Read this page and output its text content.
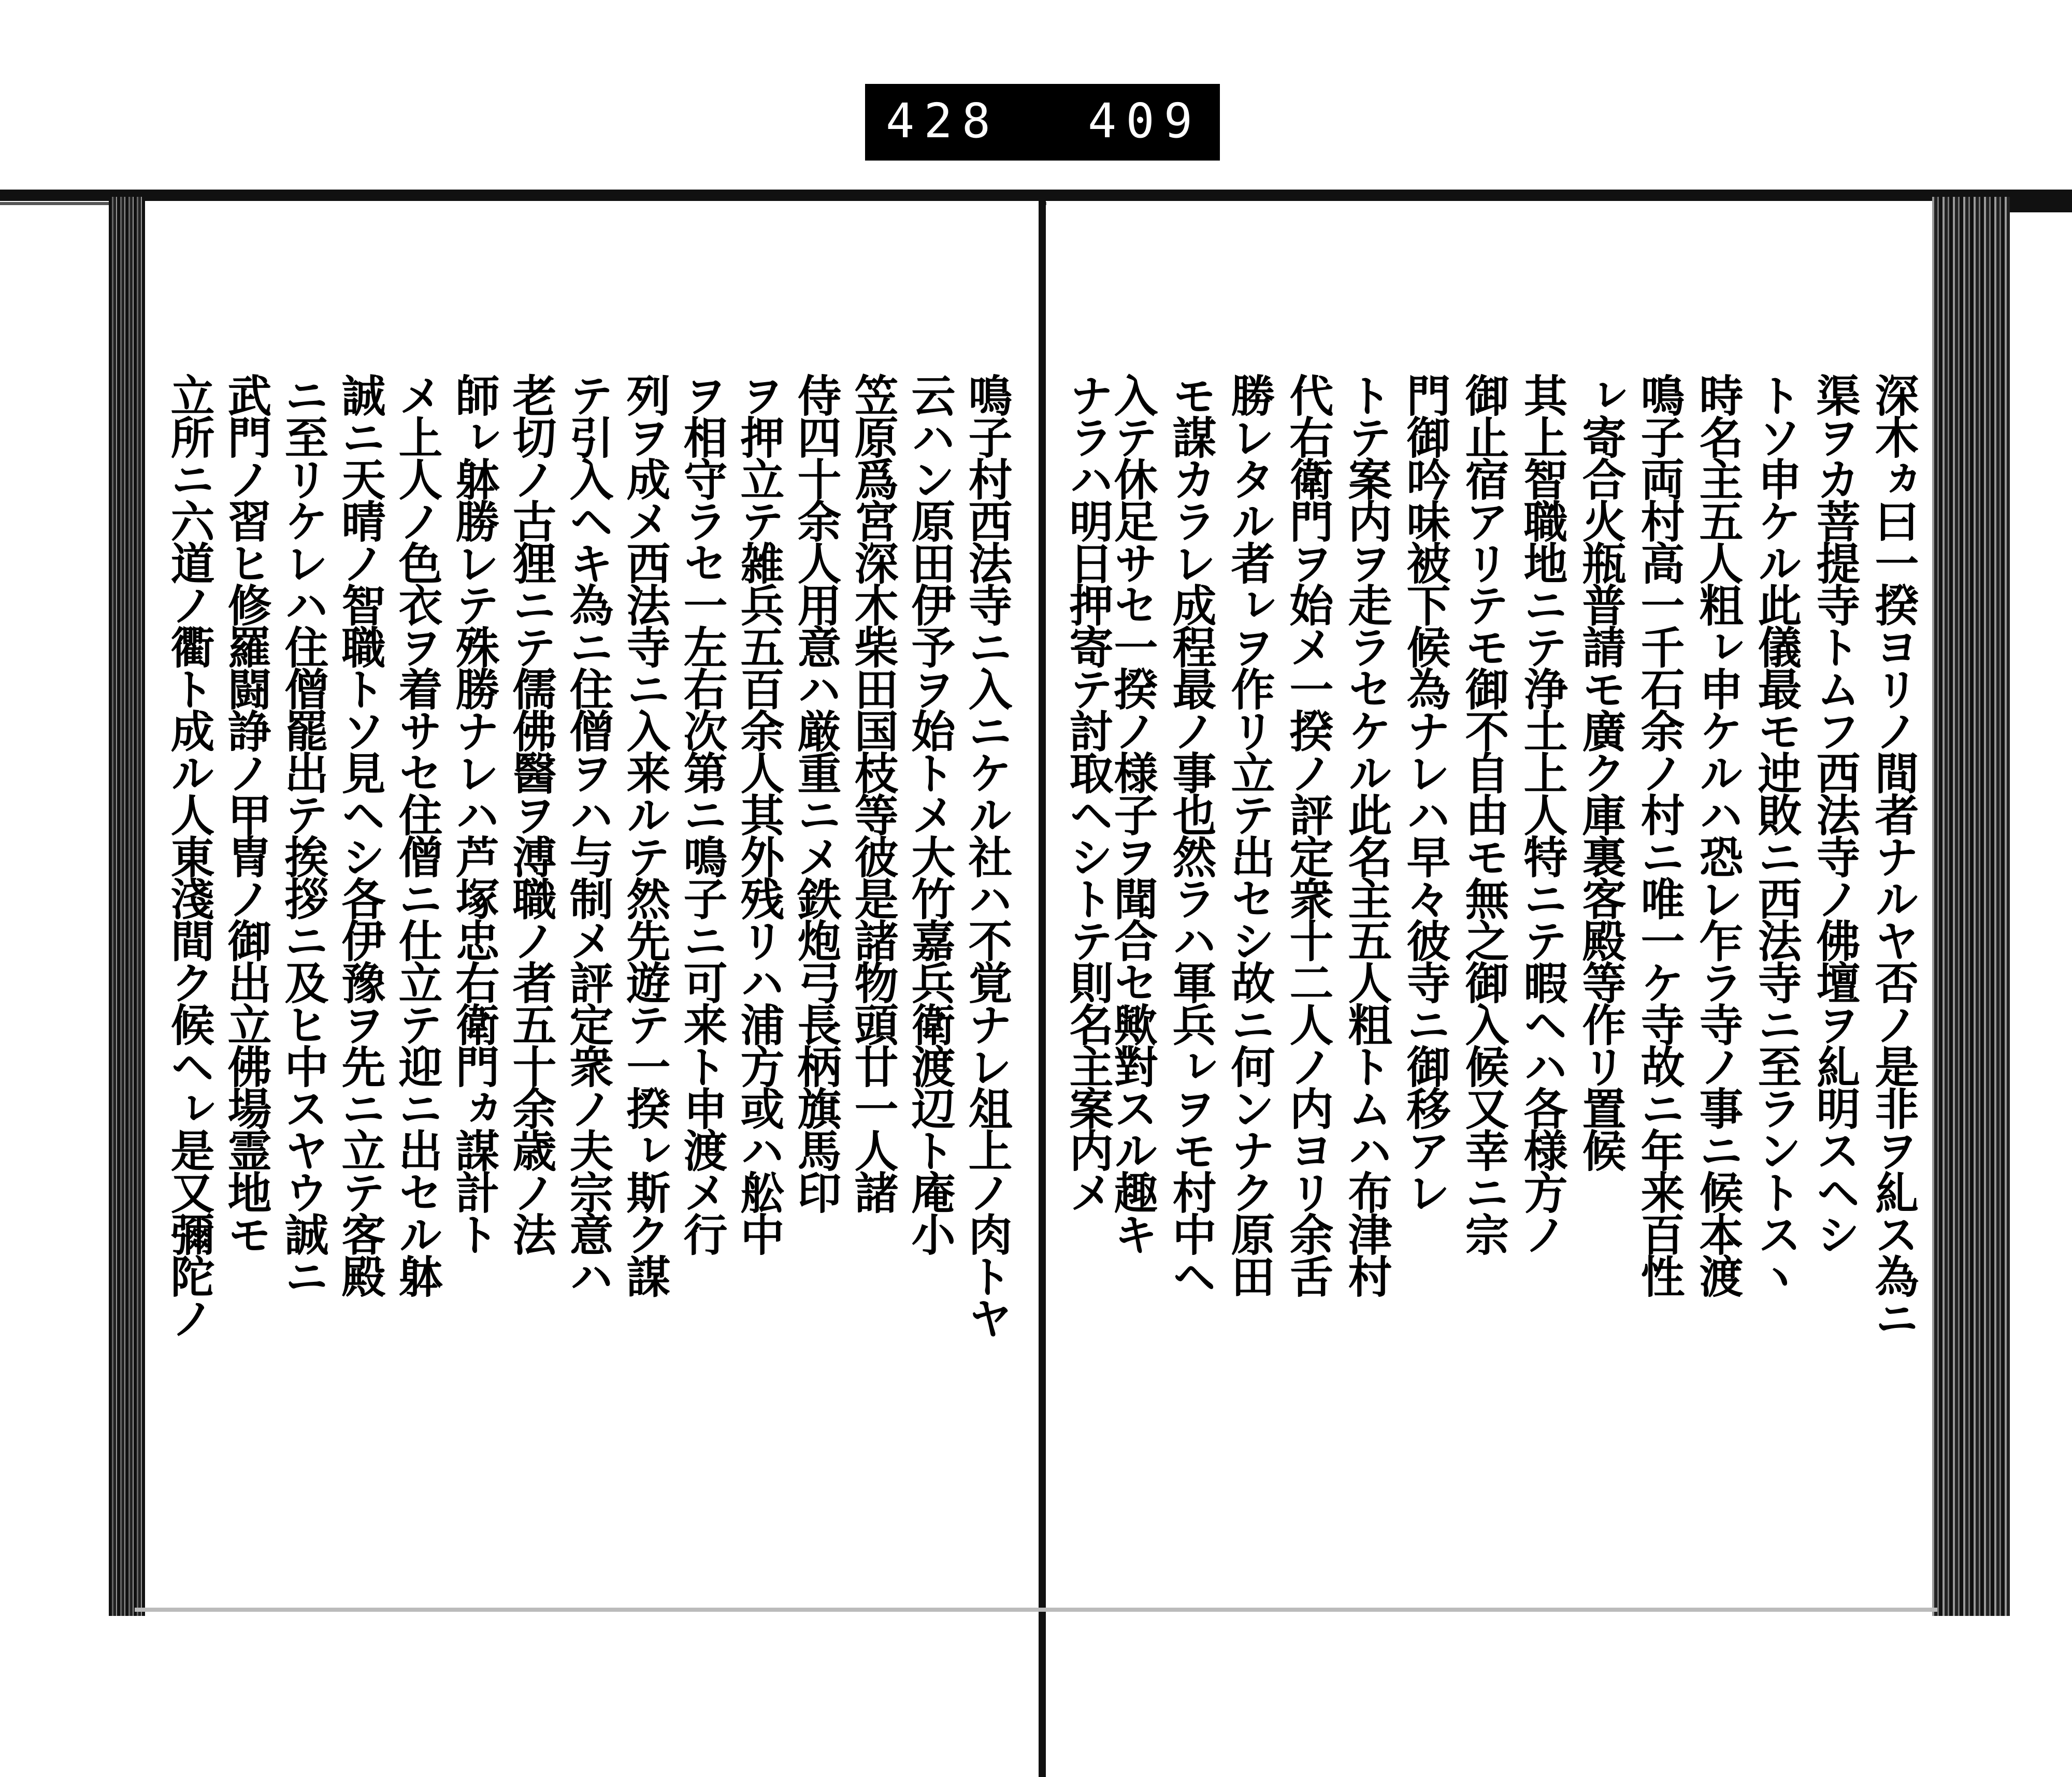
428 409
深木ヵ曰一揆ヨリノ間者ナルヤ否ノ是非ヲ糺ス為ニ
渠ヲカ菩提寺トムフ西法寺ノ佛壇ヲ糺明スヘシ
トソ申ケル此儀最モ迚敗ニ西法寺ニ至ラントスヽ
時名主五人粗ㇾ申ケルハ恐レ乍ラ寺ノ事ニ候本渡
鳴子両村高一千石余ノ村ニ唯一ケ寺故ニ年来百性
ㇾ寄合火瓶普請モ廣ク庫裏客殿等作リ置候
其上智職地ニテ浄土上人特ニテ暇ヘハ各様方ノ
御止宿アリテモ御不自由モ無之御入候又幸ニ宗
門御吟味被下候為ナレハ早々彼寺ニ御移アレ
トテ案内ヲ走ラセケル此名主五人粗トムハ布津村
代右衛門ヲ始メ一揆ノ評定衆十二人ノ内ヨリ余舌
勝レタル者ㇾヲ作リ立テ出セシ故ニ何ンナク原田
モ謀カラレ成程最ノ事也然ラハ軍兵ㇾヲモ村中ヘ
入テ休足サセ一揆ノ様子ヲ聞合セ歟對スル趣キ
ナラハ明日押寄テ討取ヘシトテ則名主案内メ
鳴子村西法寺ニ入ニケル社ハ不覚ナレ俎上ノ肉トヤ
云ハン原田伊予ヲ始トメ大竹嘉兵衛渡辺ト庵小
笠原爲宮深木柴田国枝等彼是諸物頭廿一人諸
侍四十余人用意ハ厳重ニメ鉄炮弓長柄旗馬印
ヲ押立テ雑兵五百余人其外残リハ浦方或ハ舩中
ヲ相守ラセ一左右次第ニ鳴子ニ可来ト申渡メ行
列ヲ成メ西法寺ニ入来ルテ然先遊テ一揆ㇾ斯ク謀
テ引入ヘキ為ニ住僧ヲハ与制メ評定衆ノ夫宗意ハ
老切ノ古狸ニテ儒佛醫ヲ溥職ノ者五十余歳ノ法
師ㇾ躰勝レテ殊勝ナレハ芦塚忠右衛門ヵ謀計ト
メ上人ノ色衣ヲ着サセ住僧ニ仕立テ迎ニ出セル躰
誠ニ天晴ノ智職トソ見ヘシ各伊豫ヲ先ニ立テ客殿
ニ至リケレハ住僧罷出テ挨拶ニ及ヒ中スヤウ誠ニ
武門ノ習ヒ修羅闘諍ノ甲冑ノ御出立佛場霊地モ
立所ニ六道ノ衢ト成ル人東淺間ク候ヘㇾ是又彌陀ノ
